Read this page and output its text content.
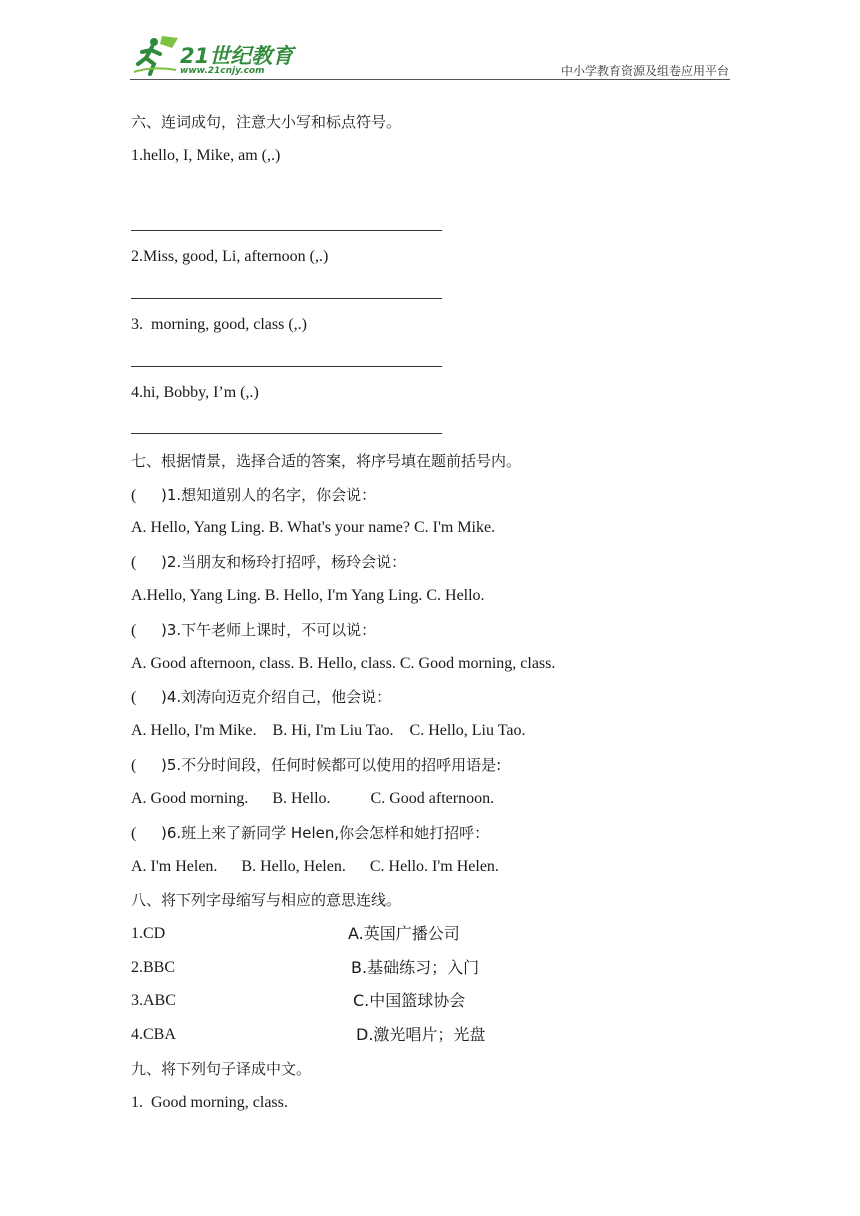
21世纪教育
www.21cnjy.com	中小学教育资源及组卷应用平台
六、连词成句，注意大小写和标点符号。
1.hello, I, Mike, am (,.)
2.Miss, good, Li, afternoon (,.)
3.  morning, good, class (,.)
4.hi, Bobby, I’m (,.)
七、根据情景，选择合适的答案，将序号填在题前括号内。
( )1.想知道别人的名字，你会说：
A. Hello, Yang Ling. B. What's your name? C. I'm Mike.
( )2.当朋友和杨玲打招呼，杨玲会说：
A.Hello, Yang Ling. B. Hello, I'm Yang Ling. C. Hello.
( )3.下午老师上课时，不可以说：
A. Good afternoon, class. B. Hello, class. C. Good morning, class.
( )4.刘涛向迈克介绍自己，他会说：
A. Hello, I'm Mike.    B. Hi, I'm Liu Tao.    C. Hello, Liu Tao.
( )5.不分时间段，任何时候都可以使用的招呼用语是:
A. Good morning.      B. Hello.          C. Good afternoon.
( )6.班上来了新同学 Helen,你会怎样和她打招呼：
A. I'm Helen.      B. Hello, Helen.      C. Hello. I'm Helen.
八、将下列字母缩写与相应的意思连线。
1.CD	A.英国广播公司
2.BBC	B.基础练习；入门
3.ABC	C.中国篮球协会
4.CBA	D.激光唱片；光盘
九、将下列句子译成中文。
1.  Good morning, class.
